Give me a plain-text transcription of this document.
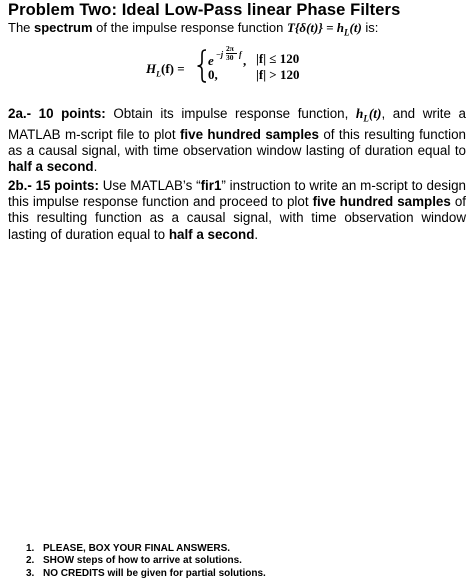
Problem Two: Ideal Low-Pass linear Phase Filters
The spectrum of the impulse response function $T\{\delta(t)\} = h_L(t)$ is:
$H_L(f)$ =
e −j
2π
30 f , |f| ≤ 120
0,	|f| > 120
2a.- 10 points: Obtain its impulse response function, $h_L(t)$, and write a MATLAB m-script file to plot five hundred samples of this resulting function as a causal signal, with time observation window lasting of duration equal to half a second.
2b.- 15 points: Use MATLAB’s “fir1” instruction to write an m-script to design this impulse response function and proceed to plot five hundred samples of this resulting function as a causal signal, with time observation window lasting of duration equal to half a second.
1. PLEASE, BOX YOUR FINAL ANSWERS.
2. SHOW steps of how to arrive at solutions.
3. NO CREDITS will be given for partial solutions.
